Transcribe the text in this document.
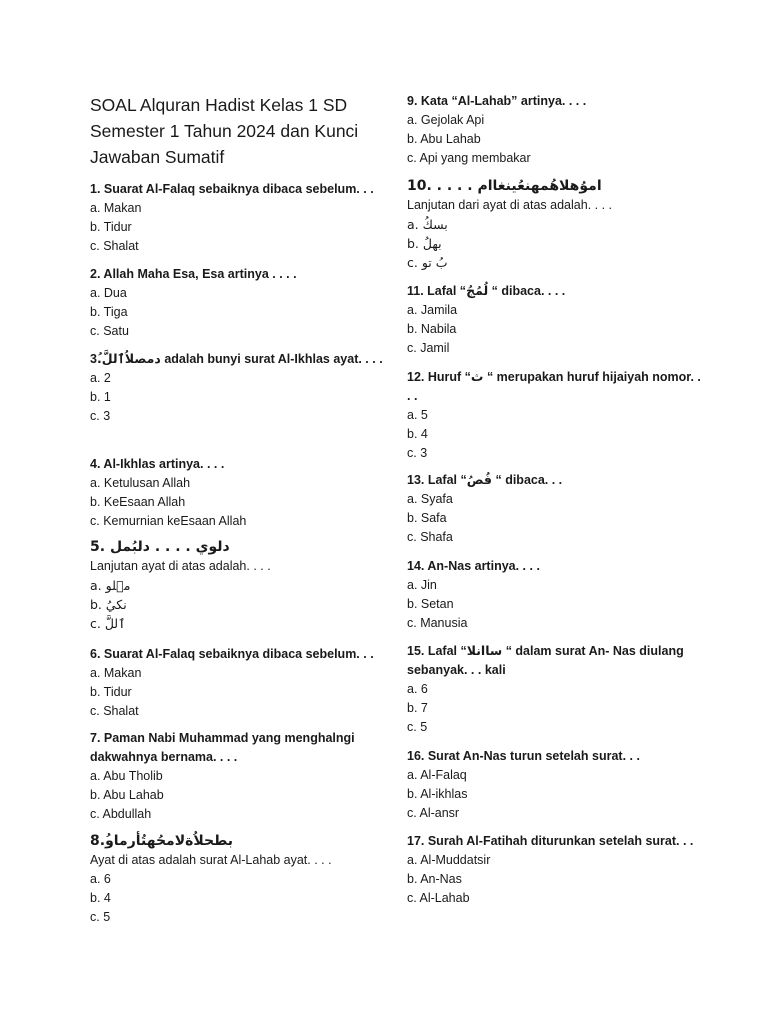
SOAL Alquran Hadist Kelas 1 SD Semester 1 Tahun 2024 dan Kunci Jawaban Sumatif

1. Suarat Al-Falaq sebaiknya dibaca sebelum. . .

a. Makan

b. Tidur

c. Shalat

2. Allah Maha Esa, Esa artinya . . . .

a. Dua

b. Tiga

c. Satu

3.ُدمصلاُٱللَّ adalah bunyi surat Al-Ikhlas ayat. . . .

a. 2

b. 1

c. 3

4. Al-Ikhlas artinya. . . .

a. Ketulusan Allah

b. KeEsaan Allah

c. Kemurnian keEsaan Allah

5. دلوي . . . . دلبُمل

Lanjutan ayat di atas adalah. . . .

a. مۡلو

b. نكيُ

c. ٱللَّ

6. Suarat Al-Falaq sebaiknya dibaca sebelum. . .

a. Makan

b. Tidur

c. Shalat

7. Paman Nabi Muhammad yang menghalngi dakwahnya bernama. . . .

a. Abu Tholib

b. Abu Lahab

c. Abdullah

8.ُبطحلاُةلامحُهتُأرماو

Ayat di atas adalah surat Al-Lahab ayat. . . .

a. 6

b. 4

c. 5

9. Kata “Al-Lahab” artinya. . . .

a. Gejolak Api

b. Abu Lahab

c. Api yang membakar

10. . . . . اموُهلاهُمهنعُينغاام

Lanjutan dari ayat di atas adalah. . . .

a. بسكُ

b. بهلُ

c. بُ تو

11. Lafal “لُمُجُ “ dibaca. . . .

a. Jamila

b. Nabila

c. Jamil

12. Huruf “ث “ merupakan huruf hijaiyah nomor. . . .

a. 5

b. 4

c. 3

13. Lafal “فُصُ “ dibaca. . .

a. Syafa

b. Safa

c. Shafa

14. An-Nas artinya. . . .

a. Jin

b. Setan

c. Manusia

15. Lafal “ساانلا “ dalam surat An- Nas diulang sebanyak. . . kali

a. 6

b. 7

c. 5

16. Surat An-Nas turun setelah surat. . .

a. Al-Falaq

b. Al-ikhlas

c. Al-ansr

17. Surah Al-Fatihah diturunkan setelah surat. . .

a. Al-Muddatsir

b. An-Nas

c. Al-Lahab
